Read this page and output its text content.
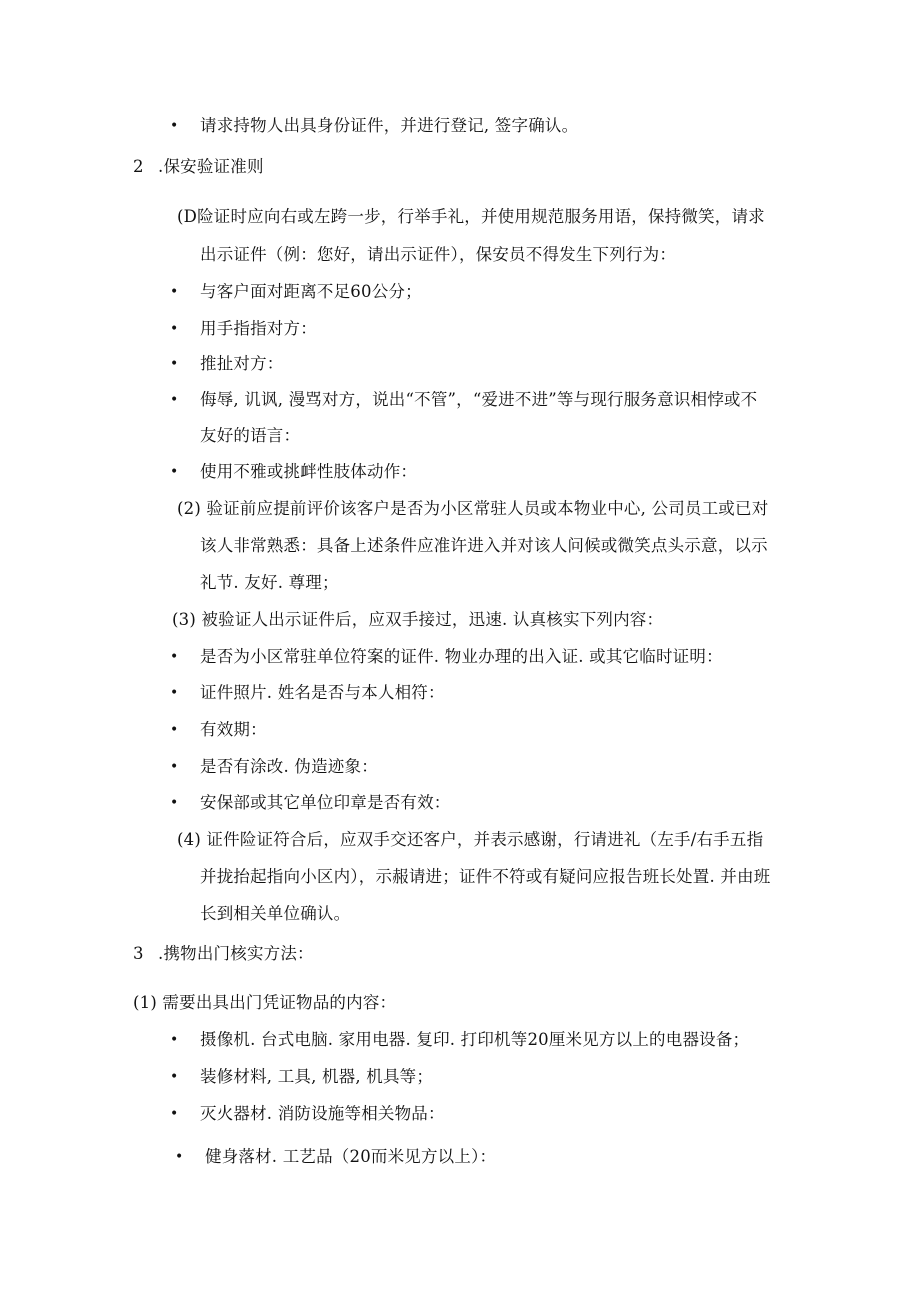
• 请求持物人出具身份证件，并进行登记, 签字确认。
2 .保安验证准则
(D险证时应向右或左跨一步，行举手礼，并使用规范服务用语，保持微笑，请求
出示证件（例：您好，请出示证件），保安员不得发生下列行为：
• 与客户面对距离不足60公分；
• 用手指指对方：
• 推扯对方：
• 侮辱, 讥讽, 漫骂对方，说出“不管”，“爱进不进”等与现行服务意识相悖或不
友好的语言：
• 使用不雅或挑衅性肢体动作：
(2) 验证前应提前评价该客户是否为小区常驻人员或本物业中心, 公司员工或已对
该人非常熟悉：具备上述条件应准许进入并对该人问候或微笑点头示意，以示
礼节. 友好. 尊理；
(3) 被验证人出示证件后，应双手接过，迅速. 认真核实下列内容：
• 是否为小区常驻单位符案的证件. 物业办理的出入证. 或其它临时证明：
• 证件照片. 姓名是否与本人相符：
• 有效期：
• 是否有涂改. 伪造迹象：
• 安保部或其它单位印章是否有效：
(4) 证件险证符合后，应双手交还客户，并表示感谢，行请进礼（左手/右手五指
并拢抬起指向小区内），示赧请进；证件不符或有疑问应报告班长处置. 并由班
长到相关单位确认。
3 .携物出门核实方法：
(1) 需要出具出门凭证物品的内容：
• 摄像机. 台式电脑. 家用电器. 复印. 打印机等20厘米见方以上的电器设备；
• 装修材料, 工具, 机器, 机具等；
• 灭火器材. 消防设施等相关物品：
• 健身落材. 工艺品（20而米见方以上）：
